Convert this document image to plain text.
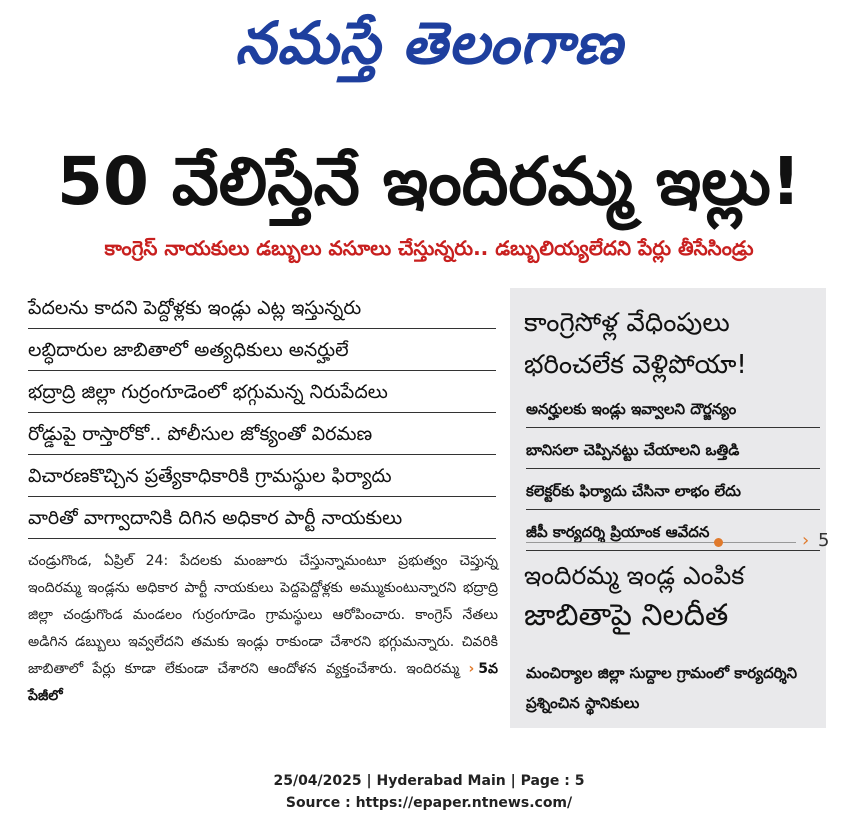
నమస్తే తెలంగాణ
50 వేలిస్తేనే ఇందిరమ్మ ఇల్లు!
కాంగ్రెస్ నాయకులు డబ్బులు వసూలు చేస్తున్నరు.. డబ్బులియ్యలేదని పేర్లు తీసేసిండ్రు
పేదలను కాదని పెద్దోళ్లకు ఇండ్లు ఎట్ల ఇస్తున్నరు
లబ్ధిదారుల జాబితాలో అత్యధికులు అనర్హులే
భద్రాద్రి జిల్లా గుర్రంగూడెంలో భగ్గుమన్న నిరుపేదలు
రోడ్డుపై రాస్తారోకో.. పోలీసుల జోక్యంతో విరమణ
విచారణకొచ్చిన ప్రత్యేకాధికారికి గ్రామస్థుల ఫిర్యాదు
వారితో వాగ్వాదానికి దిగిన అధికార పార్టీ నాయకులు

చండ్రుగొండ, ఏప్రిల్ 24: పేదలకు మంజూరు చేస్తున్నామంటూ ప్రభుత్వం చెప్తున్న ఇందిరమ్మ ఇండ్లను అధికార పార్టీ నాయకులు పెద్దపెద్దోళ్లకు అమ్ముకుంటున్నారని భద్రాద్రి జిల్లా చండ్రుగొండ మండలం గుర్రంగూడెం గ్రామస్థులు ఆరోపించారు. కాంగ్రెస్ నేతలు అడిగిన డబ్బులు ఇవ్వలేదని తమకు ఇండ్లు రాకుండా చేశారని భగ్గుమన్నారు. చివరికి జాబితాలో పేర్లు కూడా లేకుండా చేశారని ఆందోళన వ్యక్తంచేశారు. ఇందిరమ్మ › 5వ పేజీలో

కాంగ్రెసోళ్ల వేధింపులు భరించలేక వెళ్లిపోయా!
అనర్హులకు ఇండ్లు ఇవ్వాలని దౌర్జన్యం
బానిసలా చెప్పినట్టు చేయాలని ఒత్తిడి
కలెక్టర్‌కు ఫిర్యాదు చేసినా లాభం లేదు
జీపీ కార్యదర్శి ప్రియాంక ఆవేదన	› 5
ఇందిరమ్మ ఇండ్ల ఎంపిక
జాబితాపై నిలదీత
మంచిర్యాల జిల్లా సుద్దాల గ్రామంలో కార్యదర్శిని ప్రశ్నించిన స్థానికులు
25/04/2025 | Hyderabad Main | Page : 5
Source : https://epaper.ntnews.com/
